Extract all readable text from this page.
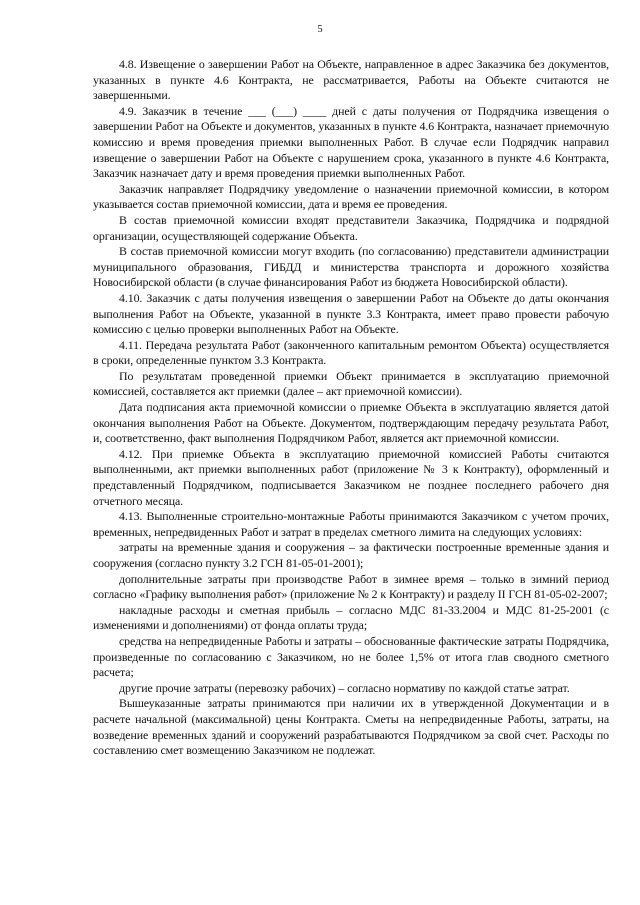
5

4.8. Извещение о завершении Работ на Объекте, направленное в адрес Заказчика без документов, указанных в пункте 4.6 Контракта, не рассматривается, Работы на Объекте считаются не завершенными.

4.9. Заказчик в течение ___ (___) ____ дней с даты получения от Подрядчика извещения о завершении Работ на Объекте и документов, указанных в пункте 4.6 Контракта, назначает приемочную комиссию и время проведения приемки выполненных Работ. В случае если Подрядчик направил извещение о завершении Работ на Объекте с нарушением срока, указанного в пункте 4.6 Контракта, Заказчик назначает дату и время проведения приемки выполненных Работ.

Заказчик направляет Подрядчику уведомление о назначении приемочной комиссии, в котором указывается состав приемочной комиссии, дата и время ее проведения.

В состав приемочной комиссии входят представители Заказчика, Подрядчика и подрядной организации, осуществляющей содержание Объекта.

В состав приемочной комиссии могут входить (по согласованию) представители администрации муниципального образования, ГИБДД и министерства транспорта и дорожного хозяйства Новосибирской области (в случае финансирования Работ из бюджета Новосибирской области).

4.10. Заказчик с даты получения извещения о завершении Работ на Объекте до даты окончания выполнения Работ на Объекте, указанной в пункте 3.3 Контракта, имеет право провести рабочую комиссию с целью проверки выполненных Работ на Объекте.

4.11. Передача результата Работ (законченного капитальным ремонтом Объекта) осуществляется в сроки, определенные пунктом 3.3 Контракта.

По результатам проведенной приемки Объект принимается в эксплуатацию приемочной комиссией, составляется акт приемки (далее – акт приемочной комиссии).

Дата подписания акта приемочной комиссии о приемке Объекта в эксплуатацию является датой окончания выполнения Работ на Объекте. Документом, подтверждающим передачу результата Работ, и, соответственно, факт выполнения Подрядчиком Работ, является акт приемочной комиссии.

4.12. При приемке Объекта в эксплуатацию приемочной комиссией Работы считаются выполненными, акт приемки выполненных работ (приложение № 3 к Контракту), оформленный и представленный Подрядчиком, подписывается Заказчиком не позднее последнего рабочего дня отчетного месяца.

4.13. Выполненные строительно-монтажные Работы принимаются Заказчиком с учетом прочих, временных, непредвиденных Работ и затрат в пределах сметного лимита на следующих условиях:

затраты на временные здания и сооружения – за фактически построенные временные здания и сооружения (согласно пункту 3.2 ГСН 81-05-01-2001);

дополнительные затраты при производстве Работ в зимнее время – только в зимний период согласно «Графику выполнения работ» (приложение № 2 к Контракту) и разделу II ГСН 81-05-02-2007;

накладные расходы и сметная прибыль – согласно МДС 81-33.2004 и МДС 81-25-2001 (с изменениями и дополнениями) от фонда оплаты труда;

средства на непредвиденные Работы и затраты – обоснованные фактические затраты Подрядчика, произведенные по согласованию с Заказчиком, но не более 1,5% от итога глав сводного сметного расчета;

другие прочие затраты (перевозку рабочих) – согласно нормативу по каждой статье затрат.

Вышеуказанные затраты принимаются при наличии их в утвержденной Документации и в расчете начальной (максимальной) цены Контракта. Сметы на непредвиденные Работы, затраты, на возведение временных зданий и сооружений разрабатываются Подрядчиком за свой счет. Расходы по составлению смет возмещению Заказчиком не подлежат.
